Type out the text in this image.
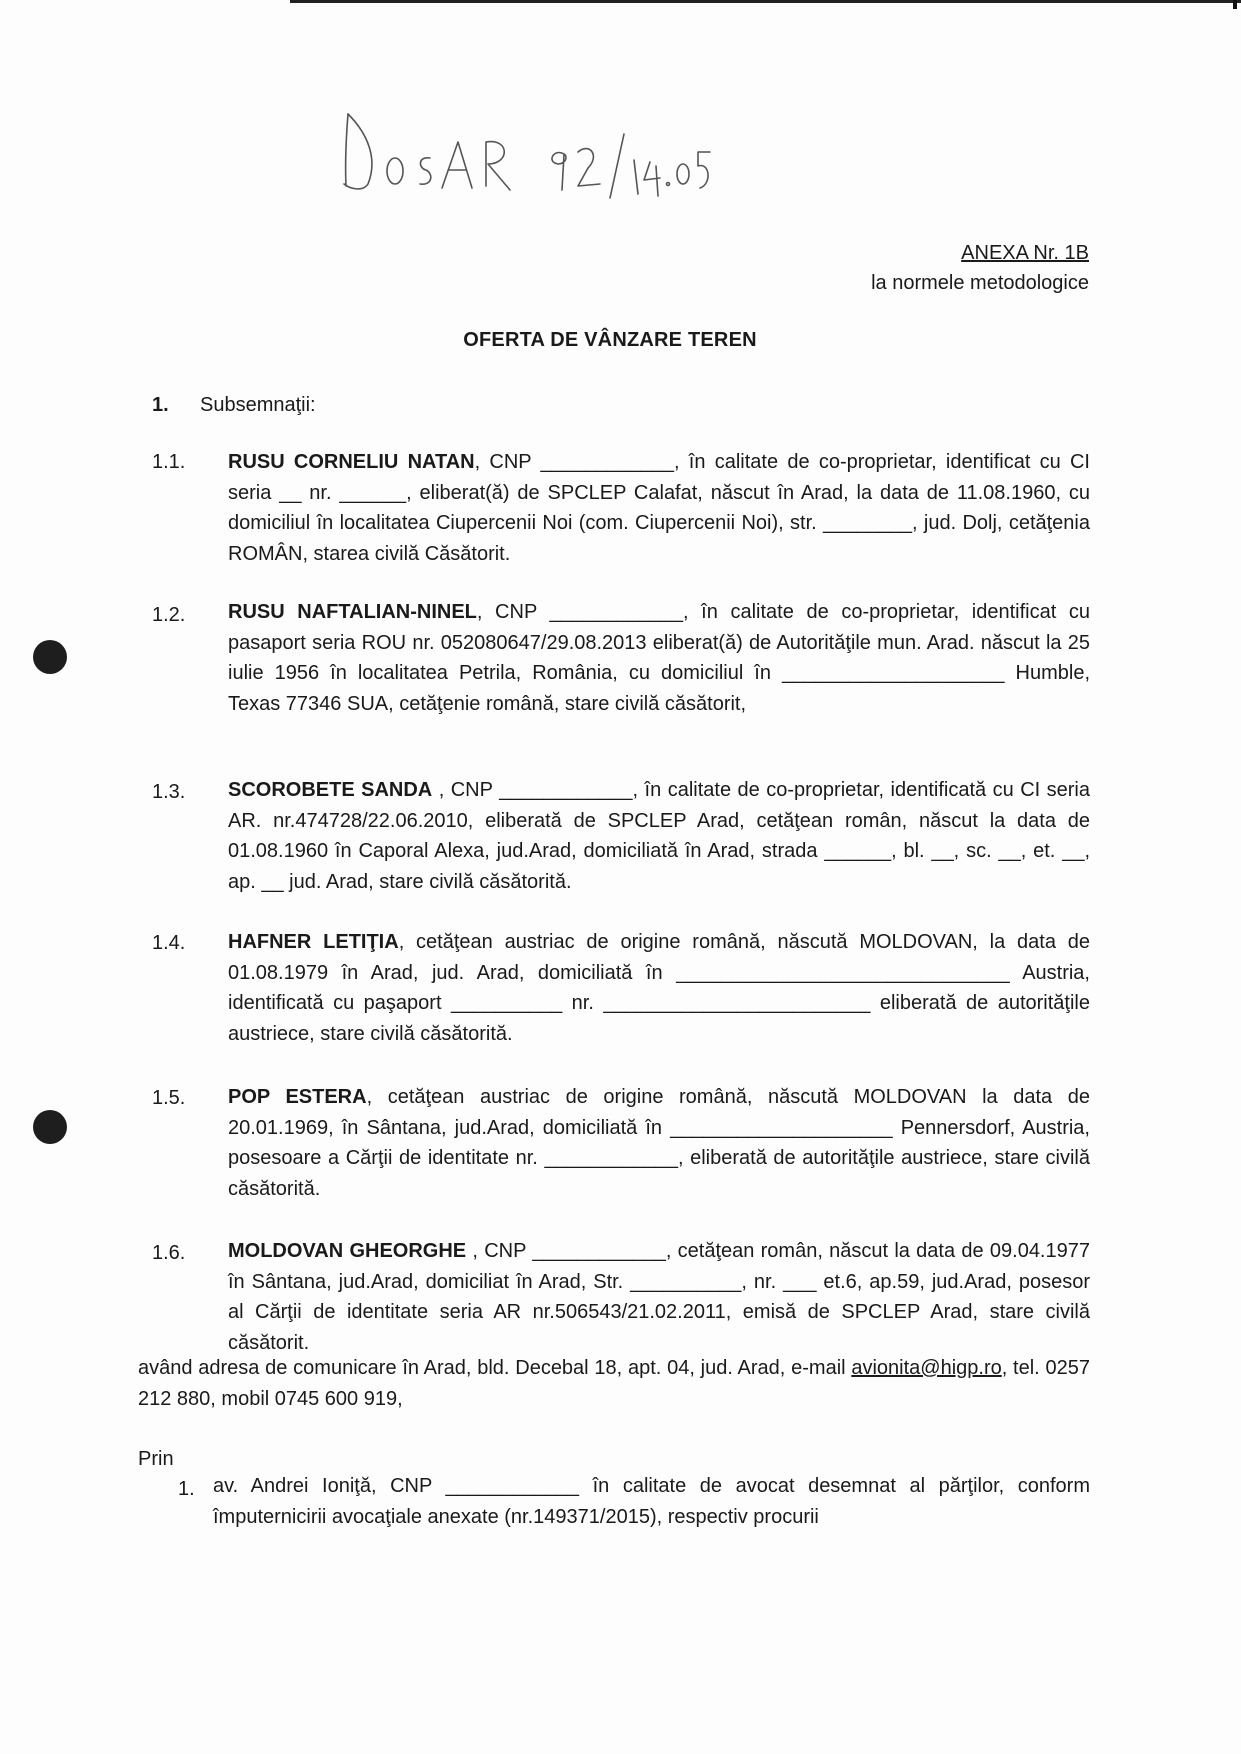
ANEXA Nr. 1B
la normele metodologice
OFERTA DE VÂNZARE TEREN
1. Subsemnaţii:
1.1. RUSU CORNELIU NATAN, CNP ____________, în calitate de co-proprietar, identificat cu CI seria __ nr. ______, eliberat(ă) de SPCLEP Calafat, născut în Arad, la data de 11.08.1960, cu domiciliul în localitatea Ciupercenii Noi (com. Ciupercenii Noi), str. ________, jud. Dolj, cetăţenia ROMÂN, starea civilă Căsătorit.
1.2. RUSU NAFTALIAN-NINEL, CNP ____________, în calitate de co-proprietar, identificat cu pasaport seria ROU nr. 052080647/29.08.2013 eliberat(ă) de Autorităţile mun. Arad. născut la 25 iulie 1956 în localitatea Petrila, România, cu domiciliul în ____________________ Humble, Texas 77346 SUA, cetăţenie română, stare civilă căsătorit,
1.3. SCOROBETE SANDA , CNP ____________, în calitate de co-proprietar, identificată cu CI seria AR. nr.474728/22.06.2010, eliberată de SPCLEP Arad, cetăţean român, născut la data de 01.08.1960 în Caporal Alexa, jud.Arad, domiciliată în Arad, strada ______, bl. __, sc. __, et. __, ap. __ jud. Arad, stare civilă căsătorită.
1.4. HAFNER LETIŢIA, cetăţean austriac de origine română, născută MOLDOVAN, la data de 01.08.1979 în Arad, jud. Arad, domiciliată în ______________________________ Austria, identificată cu paşaport __________ nr. ________________________ eliberată de autorităţile austriece, stare civilă căsătorită.
1.5. POP ESTERA, cetăţean austriac de origine română, născută MOLDOVAN la data de 20.01.1969, în Sântana, jud.Arad, domiciliată în ____________________ Pennersdorf, Austria, posesoare a Cărţii de identitate nr. ____________, eliberată de autorităţile austriece, stare civilă căsătorită.
1.6. MOLDOVAN GHEORGHE , CNP ____________, cetăţean român, născut la data de 09.04.1977 în Sântana, jud.Arad, domiciliat în Arad, Str. __________, nr. ___ et.6, ap.59, jud.Arad, posesor al Cărţii de identitate seria AR nr.506543/21.02.2011, emisă de SPCLEP Arad, stare civilă căsătorit.
având adresa de comunicare în Arad, bld. Decebal 18, apt. 04, jud. Arad, e-mail avionita@higp.ro, tel. 0257 212 880, mobil 0745 600 919,
Prin
1. av. Andrei Ioniţă, CNP ____________ în calitate de avocat desemnat al părţilor, conform împuternicirii avocaţiale anexate (nr.149371/2015), respectiv procurii
